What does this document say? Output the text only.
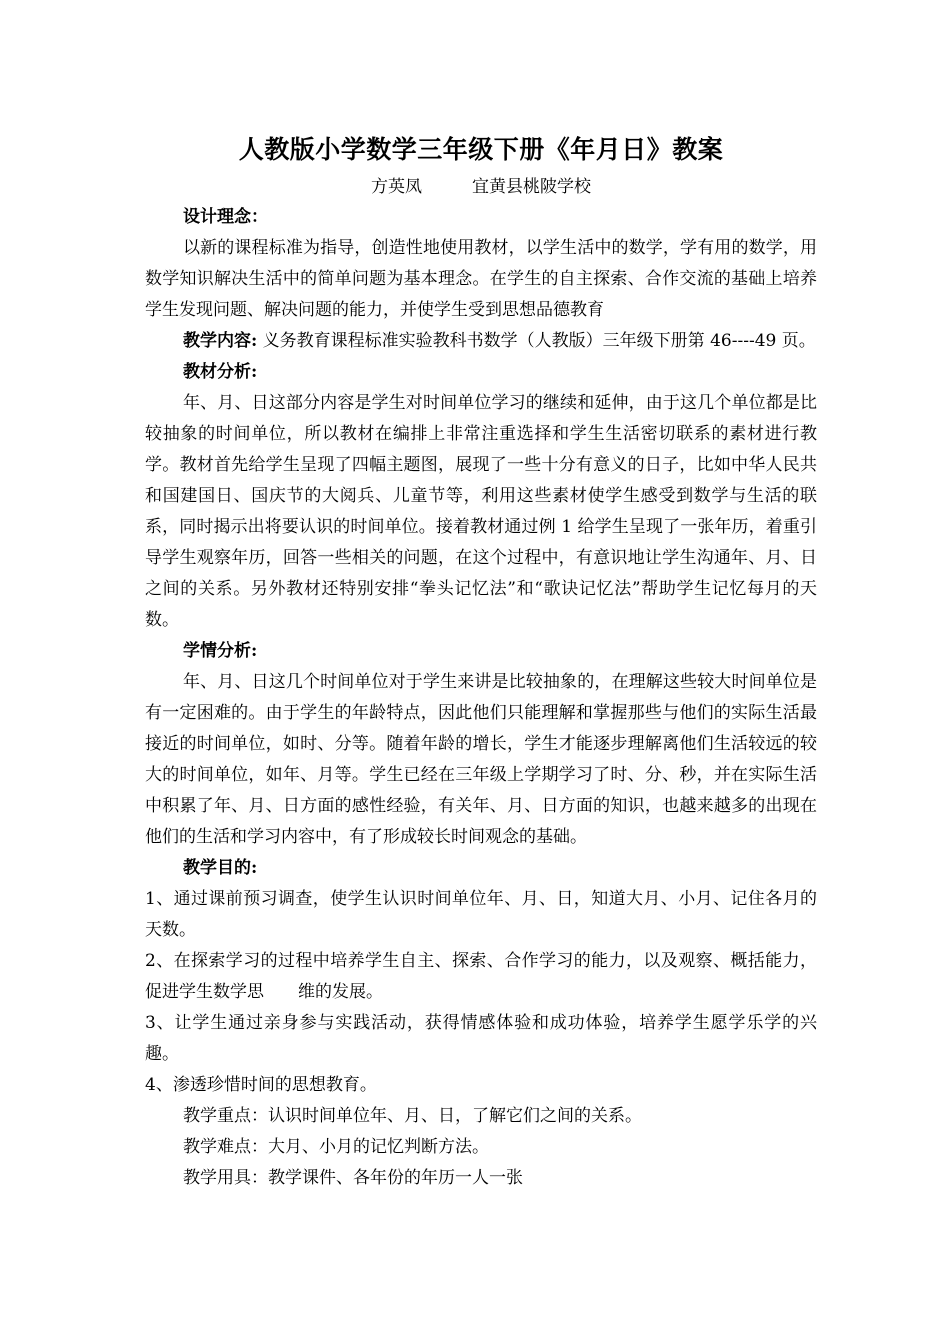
人教版小学数学三年级下册《年月日》教案
方英凤	宜黄县桃陂学校

设计理念：

以新的课程标准为指导，创造性地使用教材，以学生活中的数学，学有用的数学，用数学知识解决生活中的简单问题为基本理念。在学生的自主探索、合作交流的基础上培养学生发现问题、解决问题的能力，并使学生受到思想品德教育

教学内容: 义务教育课程标准实验教科书数学（人教版）三年级下册第 46----49 页。

教材分析:

年、月、日这部分内容是学生对时间单位学习的继续和延伸，由于这几个单位都是比较抽象的时间单位，所以教材在编排上非常注重选择和学生生活密切联系的素材进行教学。教材首先给学生呈现了四幅主题图，展现了一些十分有意义的日子，比如中华人民共和国建国日、国庆节的大阅兵、儿童节等，利用这些素材使学生感受到数学与生活的联系，同时揭示出将要认识的时间单位。接着教材通过例 1 给学生呈现了一张年历，着重引导学生观察年历，回答一些相关的问题，在这个过程中，有意识地让学生沟通年、月、日之间的关系。另外教材还特别安排“拳头记忆法”和“歌诀记忆法”帮助学生记忆每月的天数。

学情分析:

年、月、日这几个时间单位对于学生来讲是比较抽象的，在理解这些较大时间单位是有一定困难的。由于学生的年龄特点，因此他们只能理解和掌握那些与他们的实际生活最接近的时间单位，如时、分等。随着年龄的增长，学生才能逐步理解离他们生活较远的较大的时间单位，如年、月等。学生已经在三年级上学期学习了时、分、秒，并在实际生活中积累了年、月、日方面的感性经验，有关年、月、日方面的知识，也越来越多的出现在他们的生活和学习内容中，有了形成较长时间观念的基础。

教学目的:

1、通过课前预习调查，使学生认识时间单位年、月、日，知道大月、小月、记住各月的天数。

2、在探索学习的过程中培养学生自主、探索、合作学习的能力，以及观察、概括能力，促进学生数学思　　维的发展。

3、让学生通过亲身参与实践活动，获得情感体验和成功体验，培养学生愿学乐学的兴趣。

4、渗透珍惜时间的思想教育。

教学重点：认识时间单位年、月、日，了解它们之间的关系。

教学难点：大月、小月的记忆判断方法。

教学用具：教学课件、各年份的年历一人一张
